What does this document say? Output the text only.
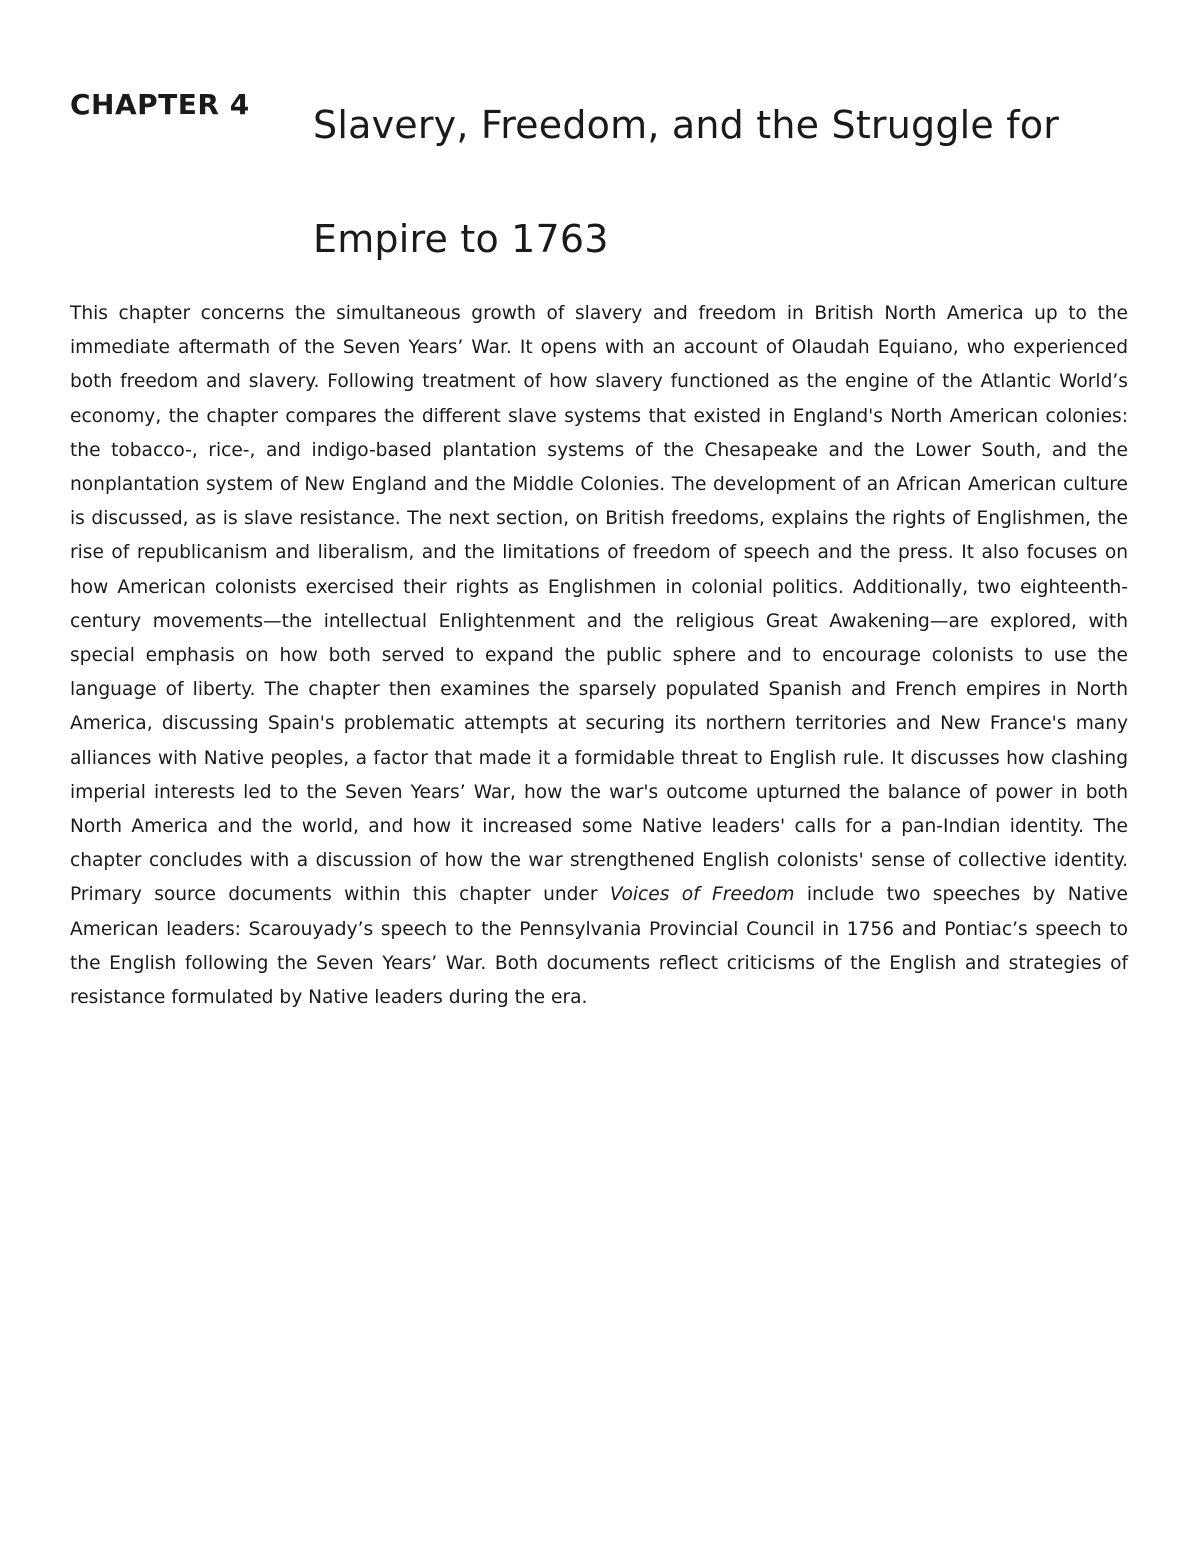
CHAPTER 4 Slavery, Freedom, and the Struggle for
Empire to 1763

This chapter concerns the simultaneous growth of slavery and freedom in British North America up to the immediate aftermath of the Seven Years’ War. It opens with an account of Olaudah Equiano, who experienced both freedom and slavery. Following treatment of how slavery functioned as the engine of the Atlantic World’s economy, the chapter compares the different slave systems that existed in England's North American colonies: the tobacco-, rice-, and indigo-based plantation systems of the Chesapeake and the Lower South, and the nonplantation system of New England and the Middle Colonies. The development of an African American culture is discussed, as is slave resistance. The next section, on British freedoms, explains the rights of Englishmen, the rise of republicanism and liberalism, and the limitations of freedom of speech and the press. It also focuses on how American colonists exercised their rights as Englishmen in colonial politics. Additionally, two eighteenth-century movements—the intellectual Enlightenment and the religious Great Awakening—are explored, with special emphasis on how both served to expand the public sphere and to encourage colonists to use the language of liberty. The chapter then examines the sparsely populated Spanish and French empires in North America, discussing Spain's problematic attempts at securing its northern territories and New France's many alliances with Native peoples, a factor that made it a formidable threat to English rule. It discusses how clashing imperial interests led to the Seven Years’ War, how the war's outcome upturned the balance of power in both North America and the world, and how it increased some Native leaders' calls for a pan-Indian identity. The chapter concludes with a discussion of how the war strengthened English colonists' sense of collective identity. Primary source documents within this chapter under Voices of Freedom include two speeches by Native American leaders: Scarouyady’s speech to the Pennsylvania Provincial Council in 1756 and Pontiac’s speech to the English following the Seven Years’ War. Both documents reflect criticisms of the English and strategies of resistance formulated by Native leaders during the era.
